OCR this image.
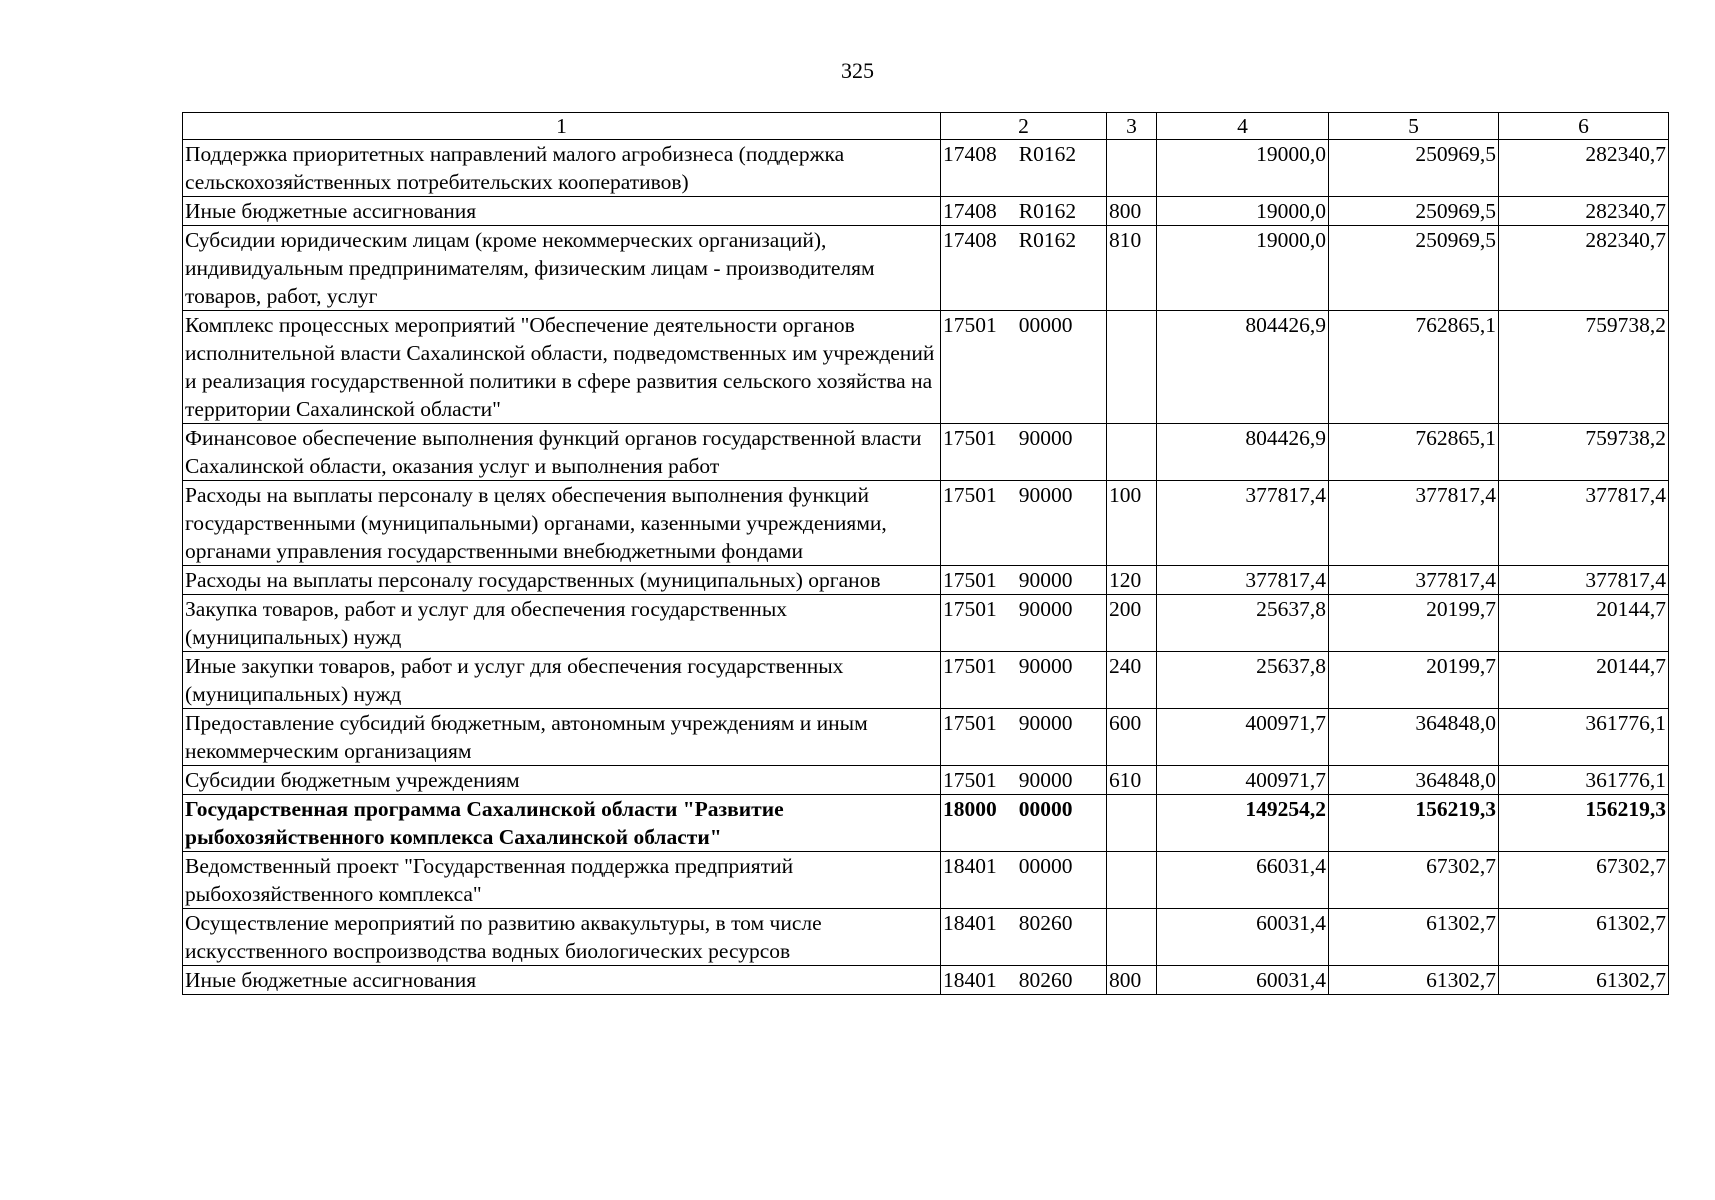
325
1	2	3	4	5	6
Поддержка приоритетных направлений малого агробизнеса (поддержка сельскохозяйственных потребительских кооперативов)	17408 R0162		19000,0	250969,5	282340,7
Иные бюджетные ассигнования	17408 R0162	800	19000,0	250969,5	282340,7
Субсидии юридическим лицам (кроме некоммерческих организаций), индивидуальным предпринимателям, физическим лицам - производителям товаров, работ, услуг	17408 R0162	810	19000,0	250969,5	282340,7
Комплекс процессных мероприятий "Обеспечение деятельности органов исполнительной власти Сахалинской области, подведомственных им учреждений и реализация государственной политики в сфере развития сельского хозяйства на территории Сахалинской области"	17501 00000		804426,9	762865,1	759738,2
Финансовое обеспечение выполнения функций органов государственной власти Сахалинской области, оказания услуг и выполнения работ	17501 90000		804426,9	762865,1	759738,2
Расходы на выплаты персоналу в целях обеспечения выполнения функций государственными (муниципальными) органами, казенными учреждениями, органами управления государственными внебюджетными фондами	17501 90000	100	377817,4	377817,4	377817,4
Расходы на выплаты персоналу государственных (муниципальных) органов	17501 90000	120	377817,4	377817,4	377817,4
Закупка товаров, работ и услуг для обеспечения государственных (муниципальных) нужд	17501 90000	200	25637,8	20199,7	20144,7
Иные закупки товаров, работ и услуг для обеспечения государственных (муниципальных) нужд	17501 90000	240	25637,8	20199,7	20144,7
Предоставление субсидий бюджетным, автономным учреждениям и иным некоммерческим организациям	17501 90000	600	400971,7	364848,0	361776,1
Субсидии бюджетным учреждениям	17501 90000	610	400971,7	364848,0	361776,1
Государственная программа Сахалинской области "Развитие рыбохозяйственного комплекса Сахалинской области"	18000 00000		149254,2	156219,3	156219,3
Ведомственный проект "Государственная поддержка предприятий рыбохозяйственного комплекса"	18401 00000		66031,4	67302,7	67302,7
Осуществление мероприятий по развитию аквакультуры, в том числе искусственного воспроизводства водных биологических ресурсов	18401 80260		60031,4	61302,7	61302,7
Иные бюджетные ассигнования	18401 80260	800	60031,4	61302,7	61302,7
